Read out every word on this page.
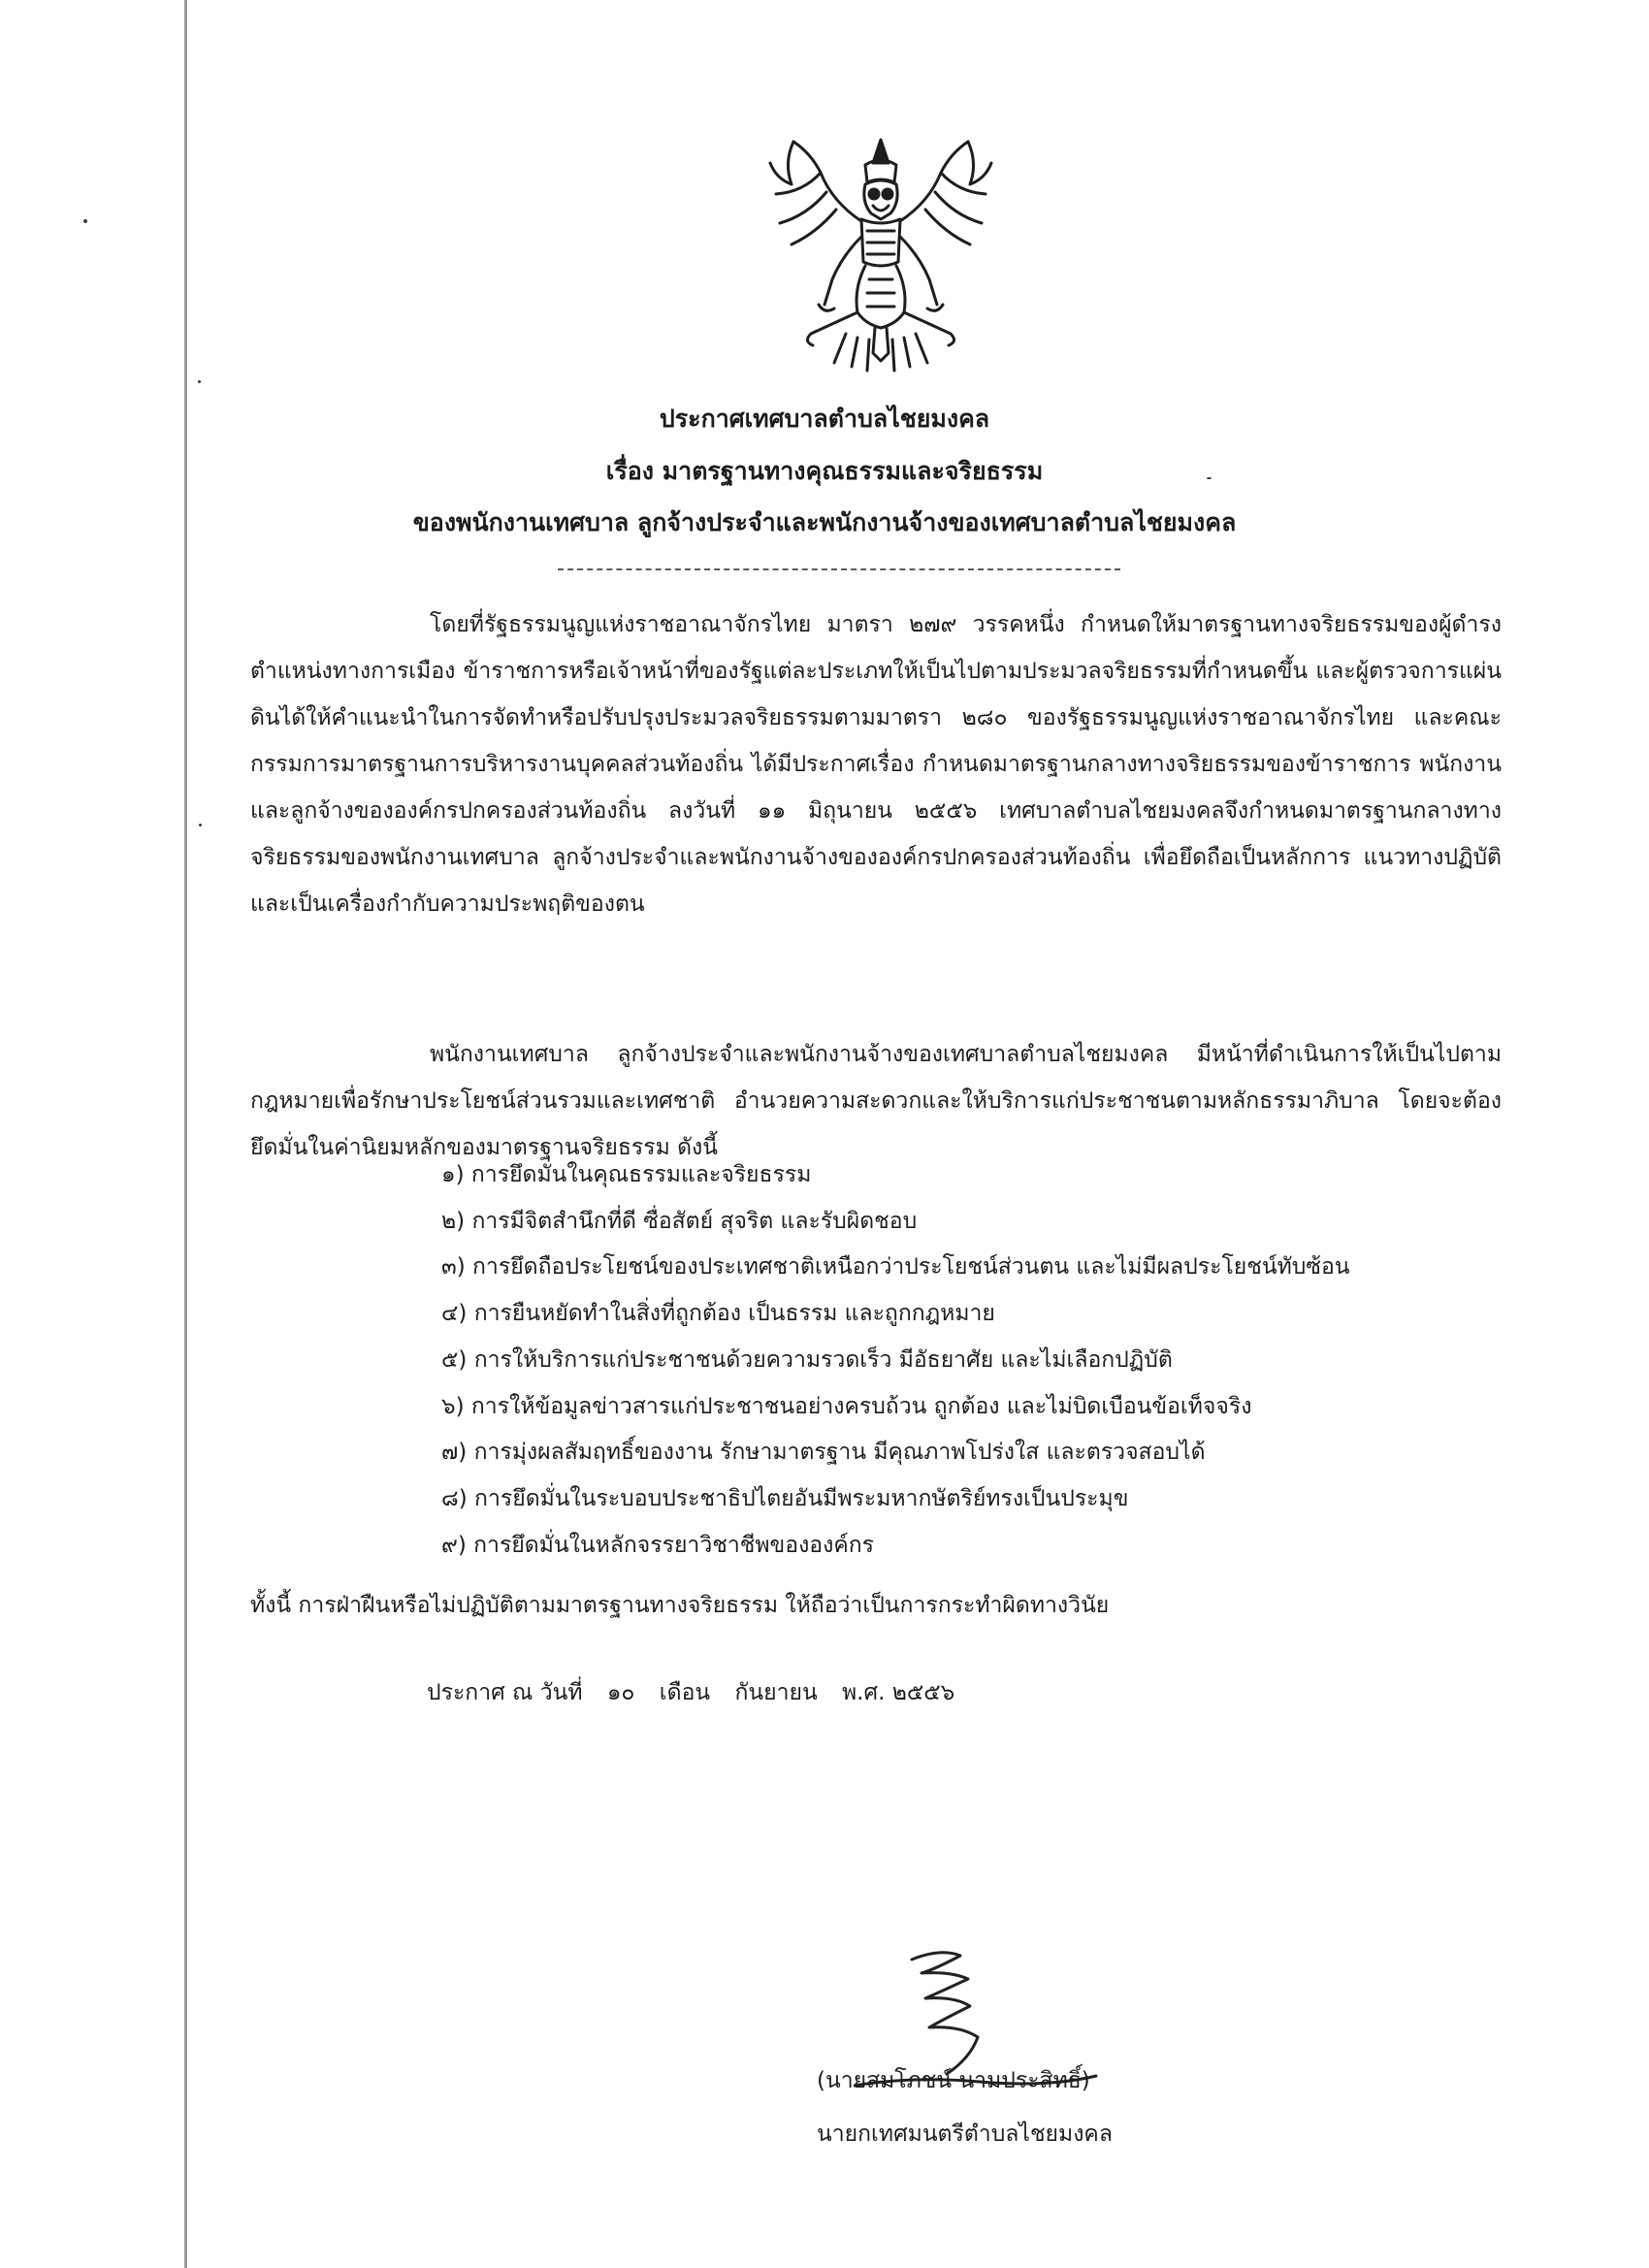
ประกาศเทศบาลตำบลไชยมงคล
เรื่อง มาตรฐานทางคุณธรรมและจริยธรรม
ของพนักงานเทศบาล ลูกจ้างประจำและพนักงานจ้างของเทศบาลตำบลไชยมงคล

โดยที่รัฐธรรมนูญแห่งราชอาณาจักรไทย มาตรา ๒๗๙ วรรคหนึ่ง กำหนดให้มาตรฐานทางจริยธรรมของผู้ดำรงตำแหน่งทางการเมือง ข้าราชการหรือเจ้าหน้าที่ของรัฐแต่ละประเภทให้เป็นไปตามประมวลจริยธรรมที่กำหนดขึ้น และผู้ตรวจการแผ่นดินได้ให้คำแนะนำในการจัดทำหรือปรับปรุงประมวลจริยธรรมตามมาตรา ๒๘๐ ของรัฐธรรมนูญแห่งราชอาณาจักรไทย และคณะกรรมการมาตรฐานการบริหารงานบุคคลส่วนท้องถิ่น ได้มีประกาศเรื่อง กำหนดมาตรฐานกลางทางจริยธรรมของข้าราชการ พนักงานและลูกจ้างขององค์กรปกครองส่วนท้องถิ่น ลงวันที่ ๑๑ มิถุนายน ๒๕๕๖ เทศบาลตำบลไชยมงคลจึงกำหนดมาตรฐานกลางทางจริยธรรมของพนักงานเทศบาล ลูกจ้างประจำและพนักงานจ้างขององค์กรปกครองส่วนท้องถิ่น เพื่อยึดถือเป็นหลักการ แนวทางปฏิบัติ และเป็นเครื่องกำกับความประพฤติของตน

พนักงานเทศบาล ลูกจ้างประจำและพนักงานจ้างของเทศบาลตำบลไชยมงคล มีหน้าที่ดำเนินการให้เป็นไปตามกฎหมายเพื่อรักษาประโยชน์ส่วนรวมและเทศชาติ อำนวยความสะดวกและให้บริการแก่ประชาชนตามหลักธรรมาภิบาล โดยจะต้องยึดมั่นในค่านิยมหลักของมาตรฐานจริยธรรม ดังนี้

๑) การยึดมั่นในคุณธรรมและจริยธรรม
๒) การมีจิตสำนึกที่ดี ซื่อสัตย์ สุจริต และรับผิดชอบ
๓) การยึดถือประโยชน์ของประเทศชาติเหนือกว่าประโยชน์ส่วนตน และไม่มีผลประโยชน์ทับซ้อน
๔) การยืนหยัดทำในสิ่งที่ถูกต้อง เป็นธรรม และถูกกฎหมาย
๕) การให้บริการแก่ประชาชนด้วยความรวดเร็ว มีอัธยาศัย และไม่เลือกปฏิบัติ
๖) การให้ข้อมูลข่าวสารแก่ประชาชนอย่างครบถ้วน ถูกต้อง และไม่บิดเบือนข้อเท็จจริง
๗) การมุ่งผลสัมฤทธิ์ของงาน รักษามาตรฐาน มีคุณภาพโปร่งใส และตรวจสอบได้
๘) การยึดมั่นในระบอบประชาธิปไตยอันมีพระมหากษัตริย์ทรงเป็นประมุข
๙) การยึดมั่นในหลักจรรยาวิชาชีพขององค์กร
ทั้งนี้ การฝ่าฝืนหรือไม่ปฏิบัติตามมาตรฐานทางจริยธรรม ให้ถือว่าเป็นการกระทำผิดทางวินัย
ประกาศ ณ วันที่ ๑๐ เดือน กันยายน พ.ศ. ๒๕๕๖
(นายสมโภชน์ นามประสิทธิ์)
นายกเทศมนตรีตำบลไชยมงคล
